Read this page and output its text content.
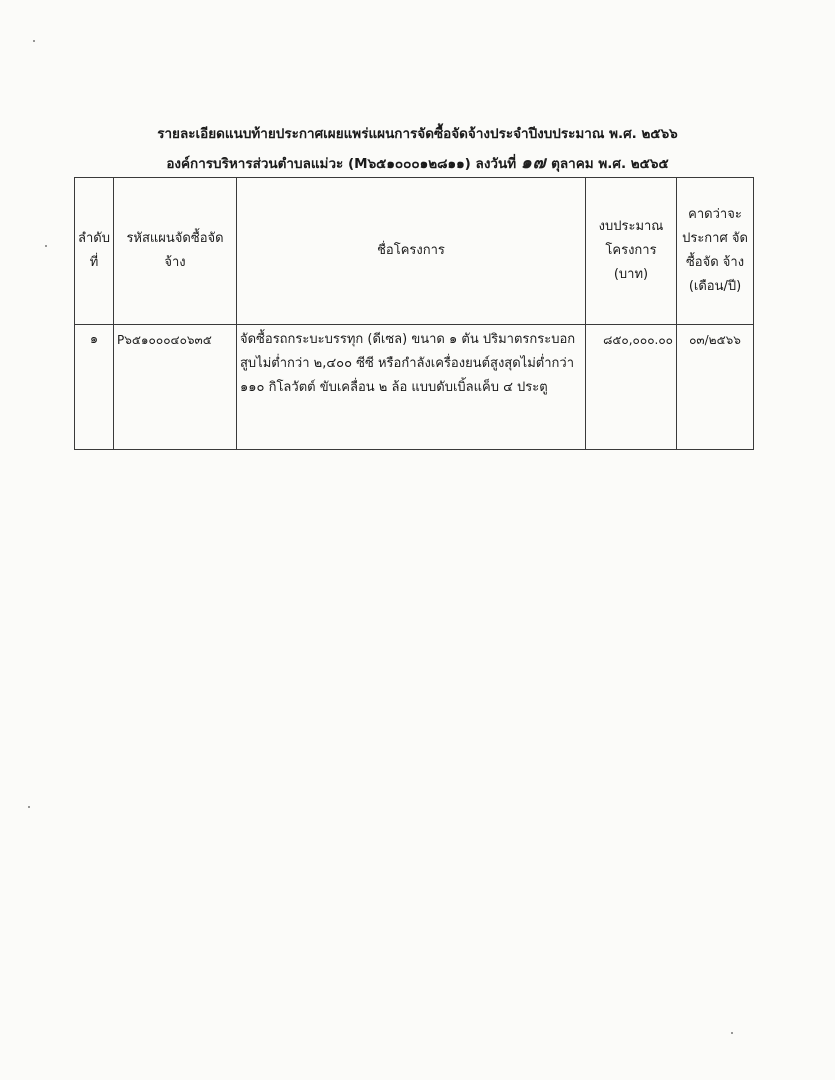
รายละเอียดแนบท้ายประกาศเผยแพร่แผนการจัดซื้อจัดจ้างประจำปีงบประมาณ พ.ศ. ๒๕๖๖
องค์การบริหารส่วนตำบลแม่วะ (M๖๕๑๐๐๐๑๒๘๑๑) ลงวันที่ ๑๗ ตุลาคม พ.ศ. ๒๕๖๕
ลำดับ ที่	รหัสแผนจัดซื้อจัด จ้าง	ชื่อโครงการ	งบประมาณ โครงการ (บาท)	คาดว่าจะ ประกาศ จัดซื้อจัด จ้าง (เดือน/ปี)
๑	P๖๕๑๐๐๐๔๐๖๓๕	จัดซื้อรถกระบะบรรทุก (ดีเซล) ขนาด ๑ ตัน ปริมาตรกระบอกสูบไม่ต่ำกว่า ๒,๔๐๐ ซีซี หรือกำลังเครื่องยนต์สูงสุดไม่ต่ำกว่า ๑๑๐ กิโลวัตต์ ขับเคลื่อน ๒ ล้อ แบบดับเบิ้ลแค็บ ๔ ประตู	๘๕๐,๐๐๐.๐๐	๐๓/๒๕๖๖
